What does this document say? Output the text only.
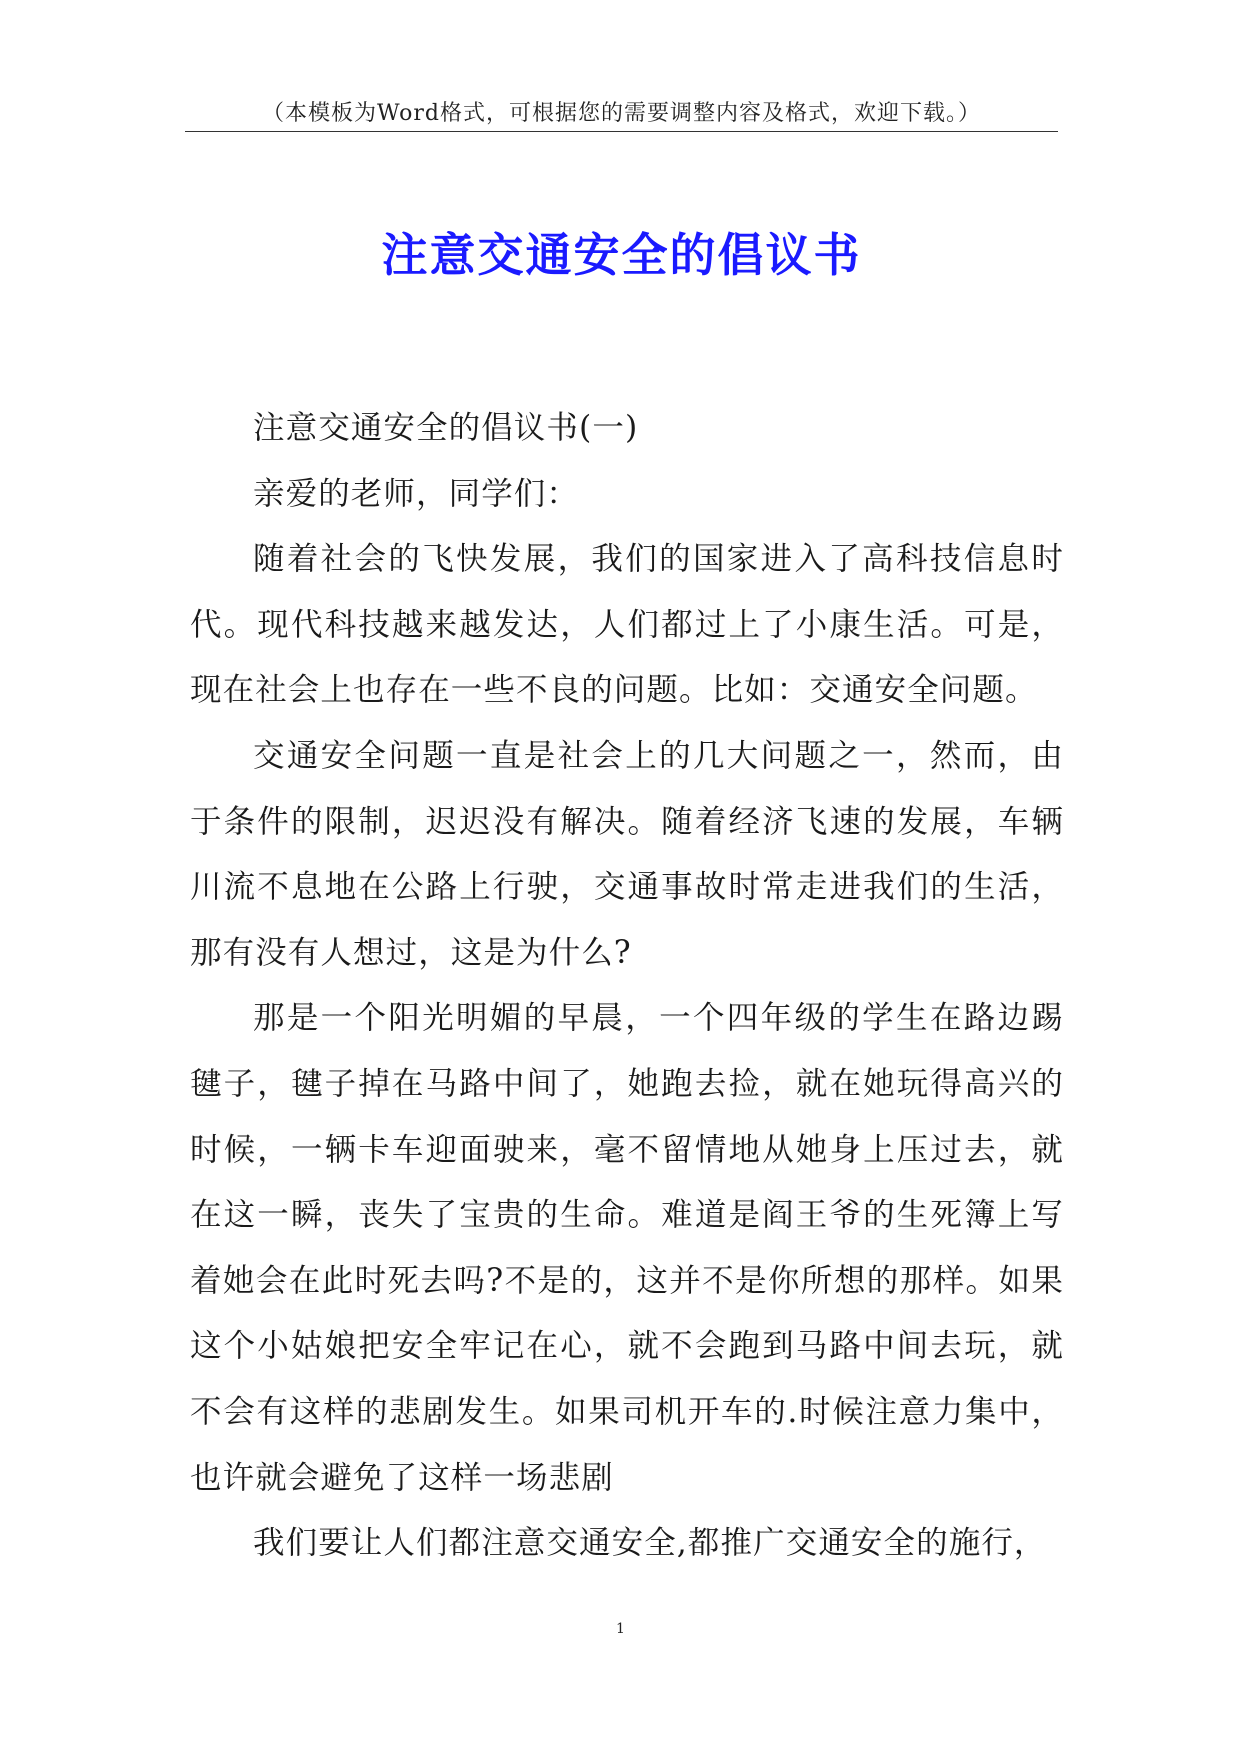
（本模板为Word格式，可根据您的需要调整内容及格式，欢迎下载。）
注意交通安全的倡议书

注意交通安全的倡议书(一)

亲爱的老师，同学们：

随着社会的飞快发展，我们的国家进入了高科技信息时代。现代科技越来越发达，人们都过上了小康生活。可是，现在社会上也存在一些不良的问题。比如：交通安全问题。

交通安全问题一直是社会上的几大问题之一，然而，由于条件的限制，迟迟没有解决。随着经济飞速的发展，车辆川流不息地在公路上行驶，交通事故时常走进我们的生活，那有没有人想过，这是为什么?

那是一个阳光明媚的早晨，一个四年级的学生在路边踢毽子，毽子掉在马路中间了，她跑去捡，就在她玩得高兴的时候，一辆卡车迎面驶来，毫不留情地从她身上压过去，就在这一瞬，丧失了宝贵的生命。难道是阎王爷的生死簿上写着她会在此时死去吗?不是的，这并不是你所想的那样。如果这个小姑娘把安全牢记在心，就不会跑到马路中间去玩，就不会有这样的悲剧发生。如果司机开车的.时候注意力集中，也许就会避免了这样一场悲剧

我们要让人们都注意交通安全,都推广交通安全的施行，

1
